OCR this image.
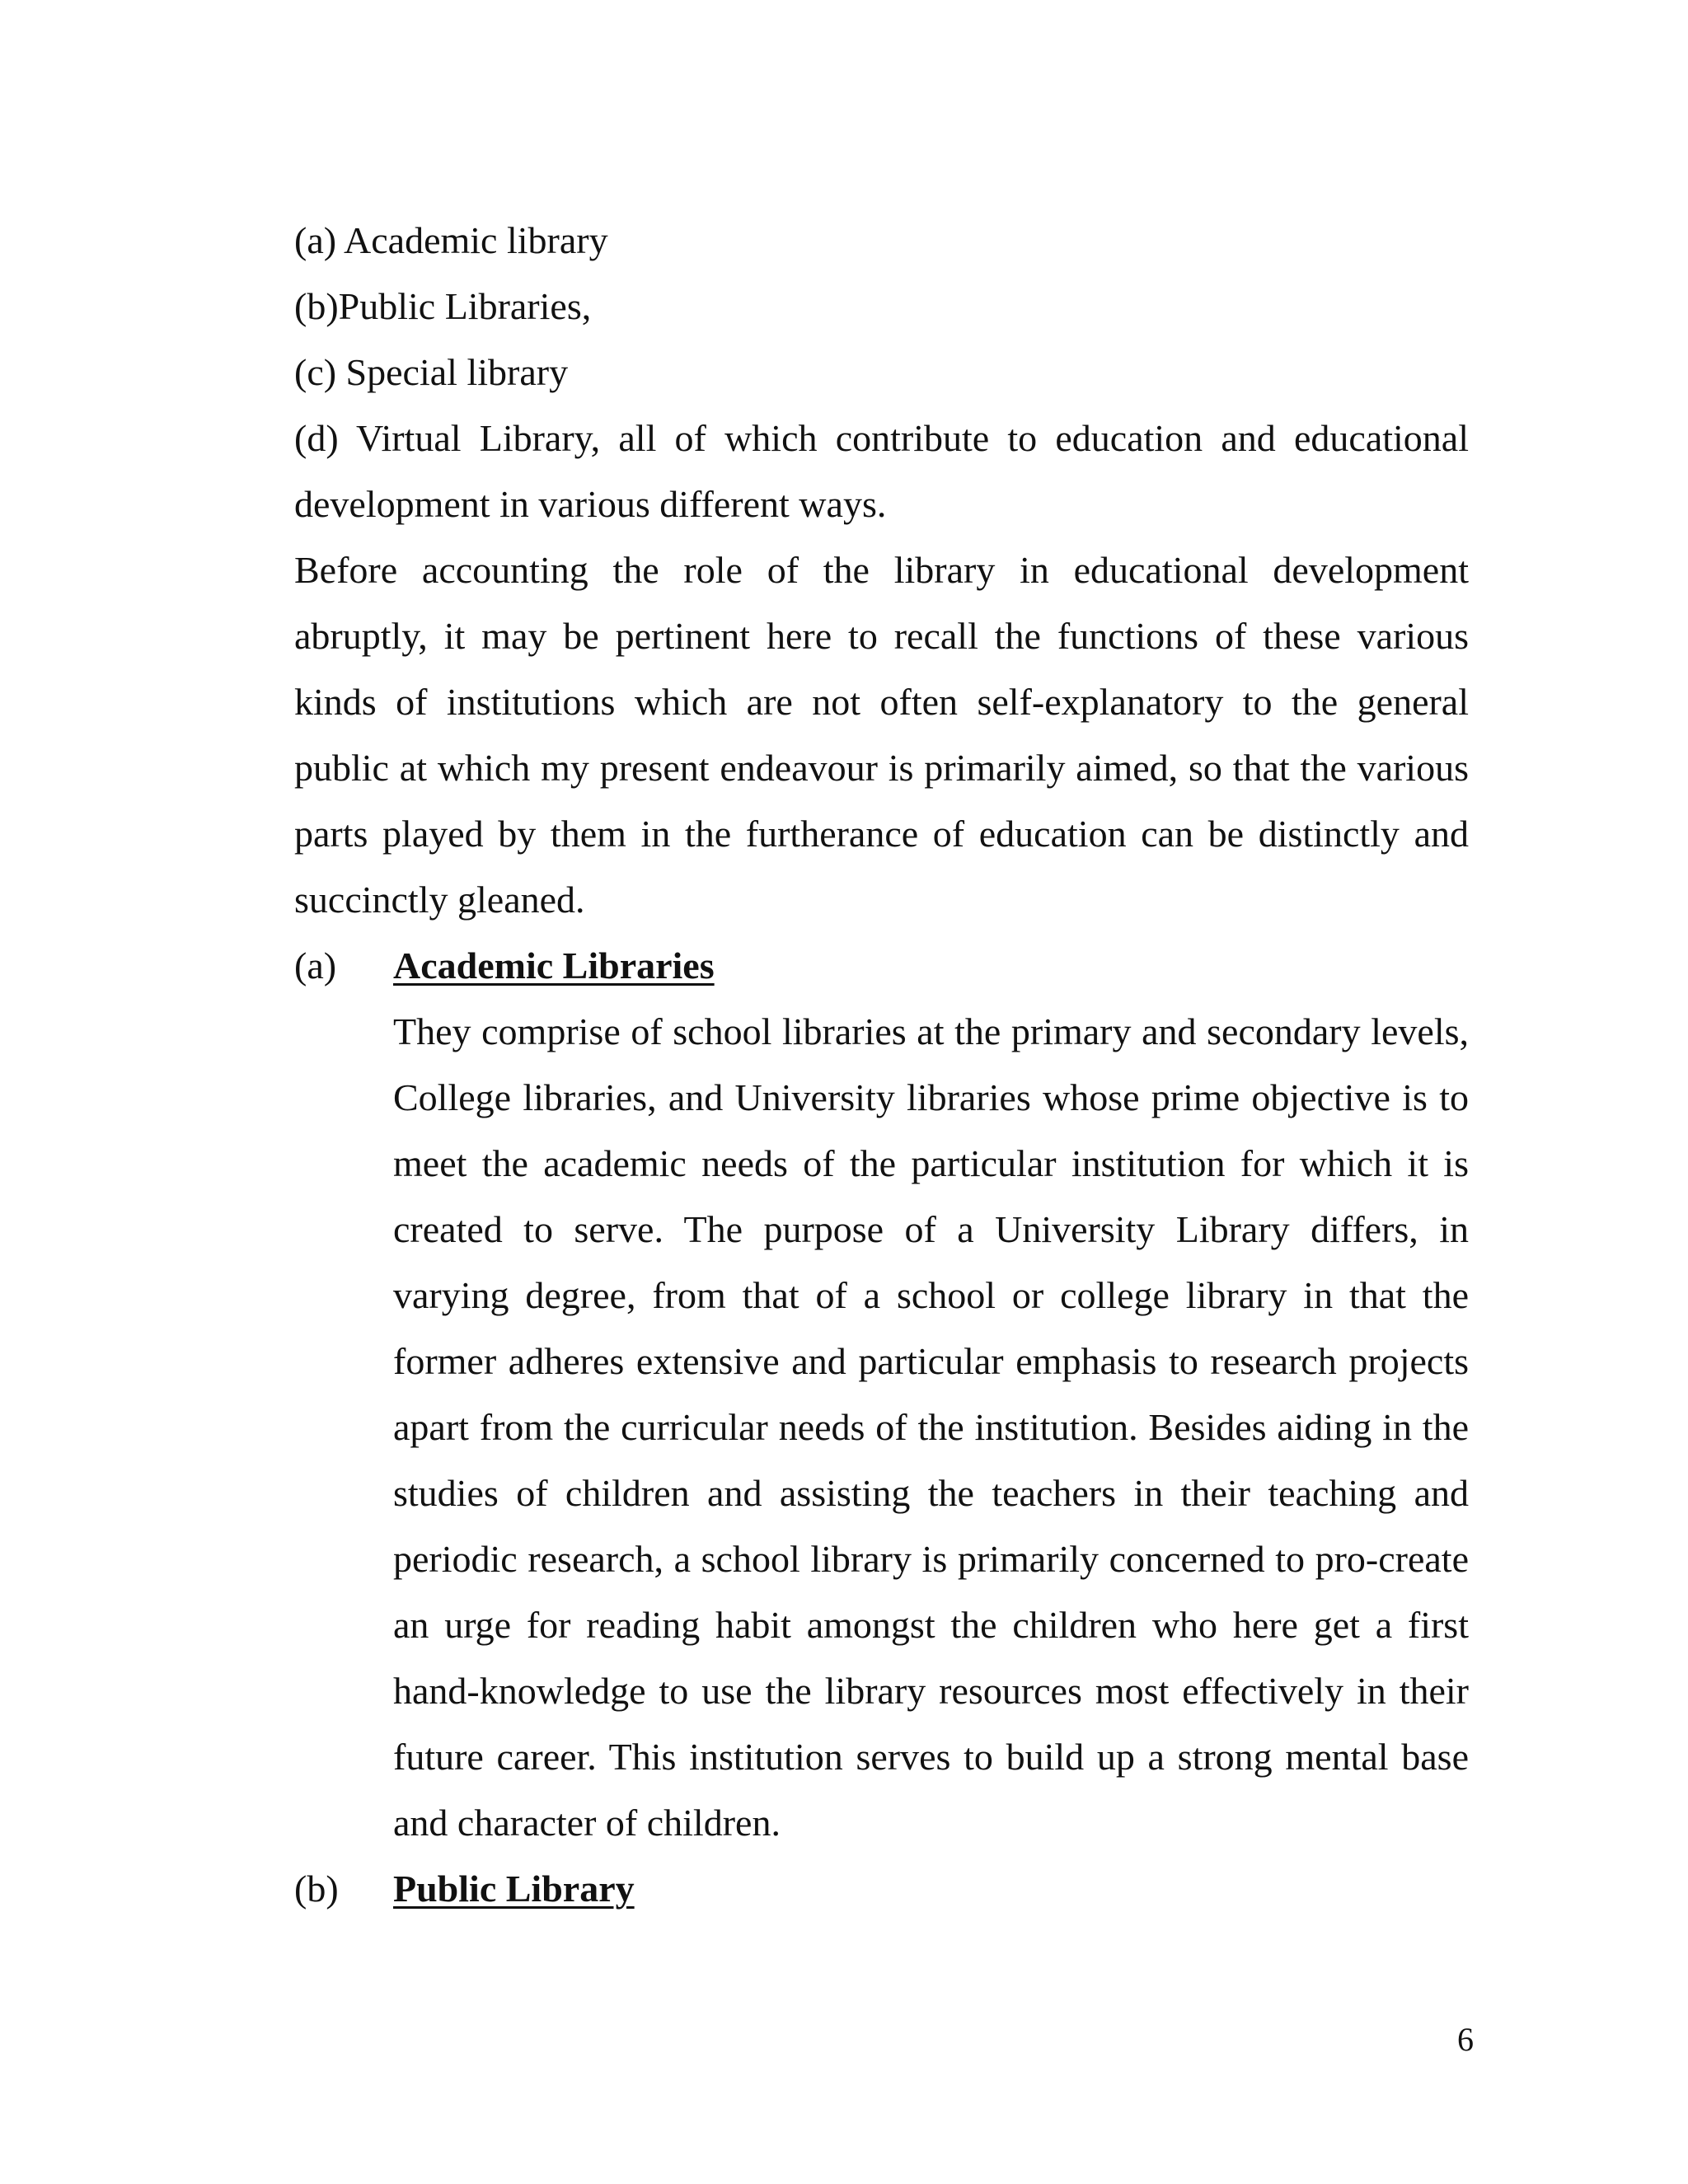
(a) Academic library
(b)Public Libraries,
(c) Special library
(d) Virtual Library, all of which contribute to education and educational
development in various different ways.

Before accounting the role of the library in educational development abruptly, it may be pertinent here to recall the functions of these various kinds of institutions which are not often self-explanatory to the general public at which my present endeavour is primarily aimed, so that the various parts played by them in the furtherance of education can be distinctly and succinctly gleaned.

(a)	Academic Libraries

They comprise of school libraries at the primary and secondary levels, College libraries, and University libraries whose prime objective is to meet the academic needs of the particular institution for which it is created to serve. The purpose of a University Library differs, in varying degree, from that of a school or college library in that the former adheres extensive and particular emphasis to research projects apart from the curricular needs of the institution. Besides aiding in the studies of children and assisting the teachers in their teaching and periodic research, a school library is primarily concerned to pro-create an urge for reading habit amongst the children who here get a first hand-knowledge to use the library resources most effectively in their future career. This institution serves to build up a strong mental base and character of children.

(b)	Public Library
6
